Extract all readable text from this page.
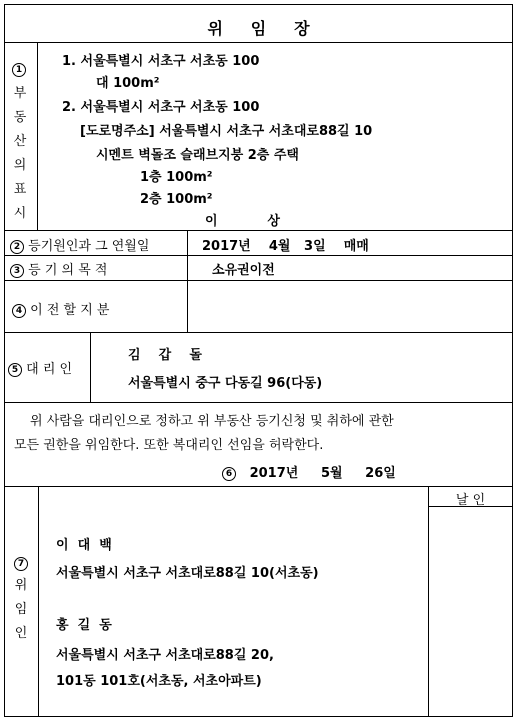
위     임     장
1
부
동
산
의
표
시
1. 서울특별시 서초구 서초동 100
대 100m²
2. 서울특별시 서초구 서초동 100
[도로명주소] 서울특별시 서초구 서초대로88길 10
시멘트 벽돌조 슬래브지붕 2층 주택
1층 100m²
2층 100m²
이           상
2 등기원인과 그 연월일	2017년    4월   3일    매매
3 등 기 의 목 적	소유권이전
4 이 전 할 지 분
5 대 리 인
김    갑    돌
서울특별시 중구 다동길 96(다동)
위 사람을 대리인으로 정하고 위 부동산 등기신청 및 취하에 관한
모든 권한을 위임한다. 또한 복대리인 선임을 허락한다.
6 2017년     5월     26일
날 인
7
위
임
인
이  대  백
서울특별시 서초구 서초대로88길 10(서초동)
홍  길  동
서울특별시 서초구 서초대로88길 20,
101동 101호(서초동, 서초아파트)
